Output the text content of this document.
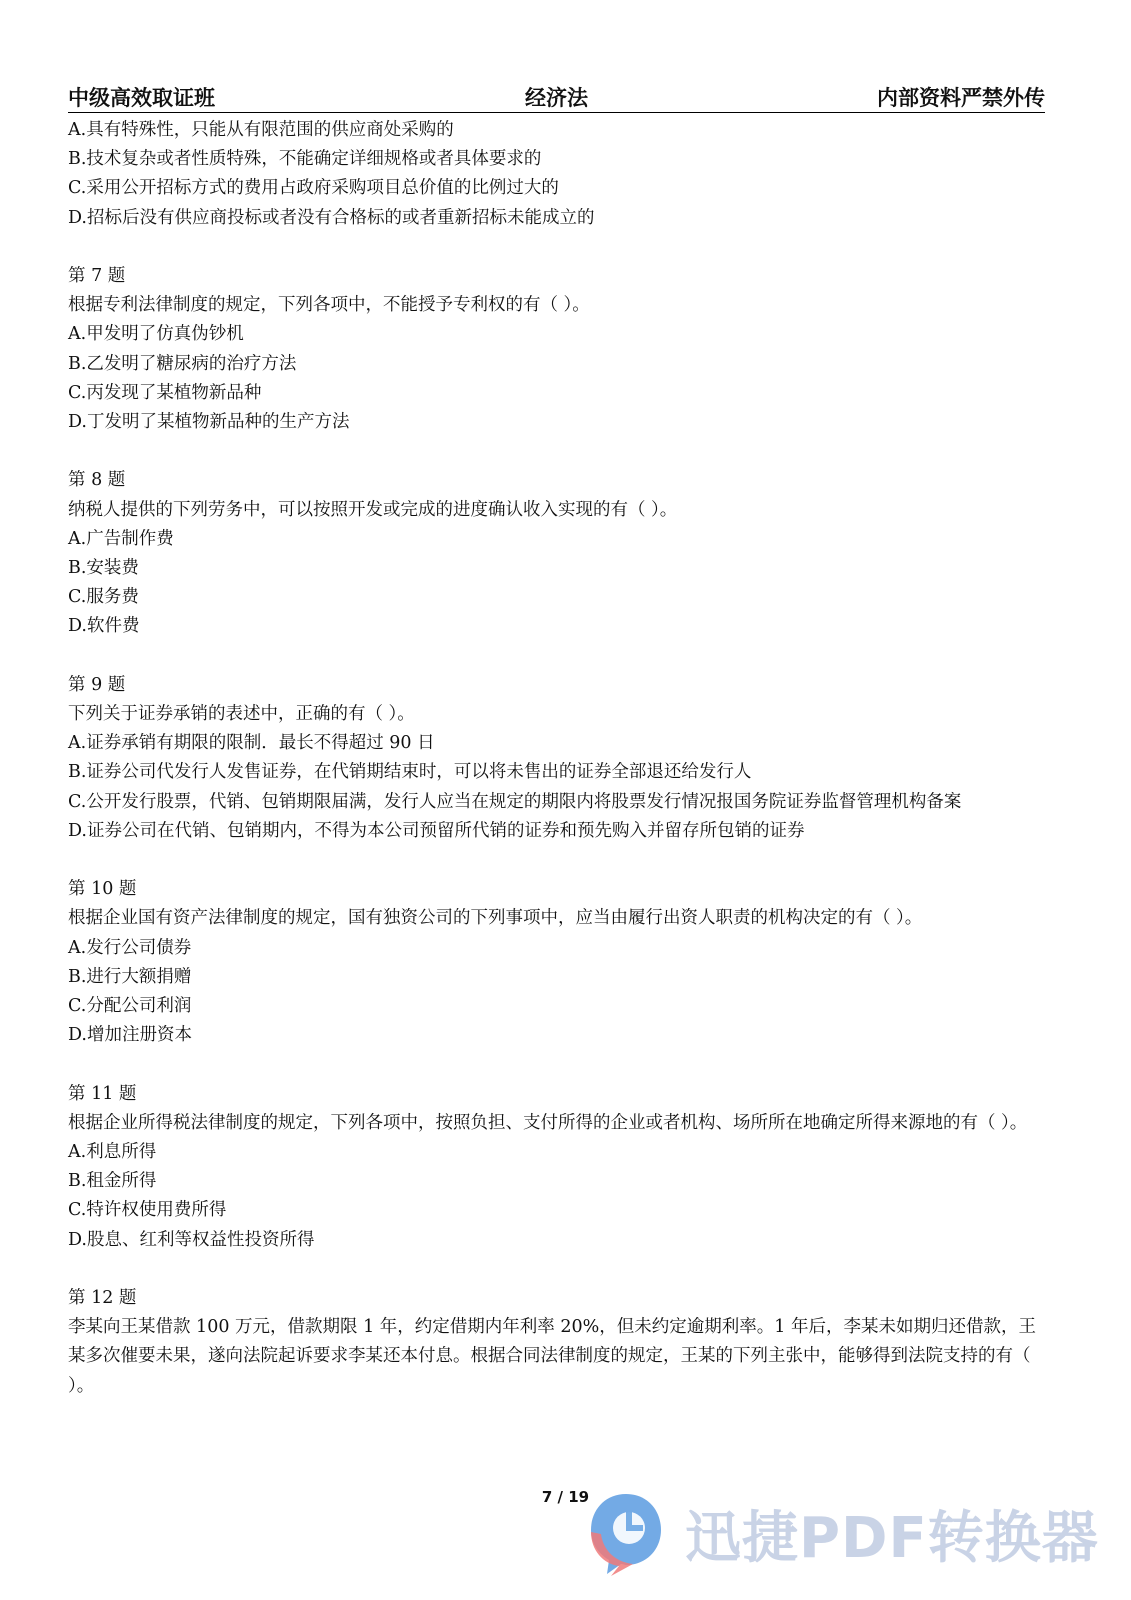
中级高效取证班	经济法	内部资料严禁外传
A.具有特殊性，只能从有限范围的供应商处采购的
B.技术复杂或者性质特殊，不能确定详细规格或者具体要求的
C.采用公开招标方式的费用占政府采购项目总价值的比例过大的
D.招标后没有供应商投标或者没有合格标的或者重新招标未能成立的
第 7 题
根据专利法律制度的规定，下列各项中，不能授予专利权的有（ ）。
A.甲发明了仿真伪钞机
B.乙发明了糖尿病的治疗方法
C.丙发现了某植物新品种
D.丁发明了某植物新品种的生产方法
第 8 题
纳税人提供的下列劳务中，可以按照开发或完成的进度确认收入实现的有（ ）。
A.广告制作费
B.安装费
C.服务费
D.软件费
第 9 题
下列关于证券承销的表述中，正确的有（ ）。
A.证券承销有期限的限制．最长不得超过 90 日
B.证券公司代发行人发售证券，在代销期结束时，可以将未售出的证券全部退还给发行人
C.公开发行股票，代销、包销期限届满，发行人应当在规定的期限内将股票发行情况报国务院证券监督管理机构备案
D.证券公司在代销、包销期内，不得为本公司预留所代销的证券和预先购入并留存所包销的证券
第 10 题
根据企业国有资产法律制度的规定，国有独资公司的下列事项中，应当由履行出资人职责的机构决定的有（ ）。
A.发行公司债券
B.进行大额捐赠
C.分配公司利润
D.增加注册资本
第 11 题
根据企业所得税法律制度的规定，下列各项中，按照负担、支付所得的企业或者机构、场所所在地确定所得来源地的有（ ）。
A.利息所得
B.租金所得
C.特许权使用费所得
D.股息、红利等权益性投资所得
第 12 题
李某向王某借款 100 万元，借款期限 1 年，约定借期内年利率 20%，但未约定逾期利率。1 年后，李某未如期归还借款，王某多次催要未果，遂向法院起诉要求李某还本付息。根据合同法律制度的规定，王某的下列主张中，能够得到法院支持的有（ ）。
7 / 19
迅捷PDF转换器
